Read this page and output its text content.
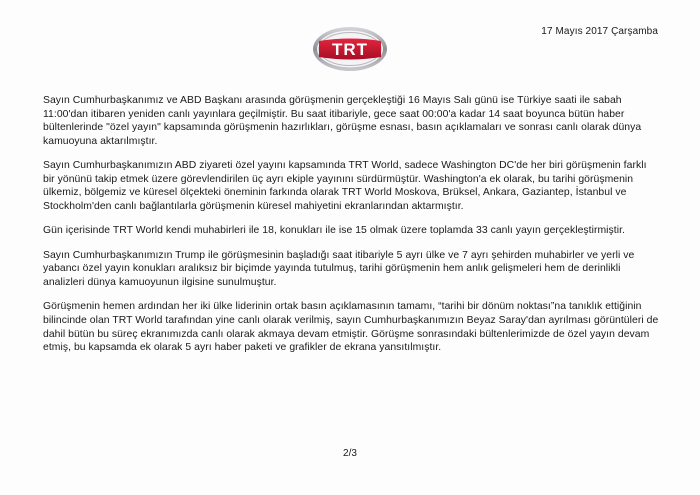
17 Mayıs 2017 Çarşamba
TRT

Sayın Cumhurbaşkanımız ve ABD Başkanı arasında görüşmenin gerçekleştiği 16 Mayıs Salı günü ise Türkiye saati ile sabah 11:00'dan itibaren yeniden canlı yayınlara geçilmiştir. Bu saat itibariyle, gece saat 00:00'a kadar 14 saat boyunca bütün haber bültenlerinde "özel yayın" kapsamında görüşmenin hazırlıkları, görüşme esnası, basın açıklamaları ve sonrası canlı olarak dünya kamuoyuna aktarılmıştır.

Sayın Cumhurbaşkanımızın ABD ziyareti özel yayını kapsamında TRT World, sadece Washington DC'de her biri görüşmenin farklı bir yönünü takip etmek üzere görevlendirilen üç ayrı ekiple yayınını sürdürmüştür. Washington'a ek olarak, bu tarihi görüşmenin ülkemiz, bölgemiz ve küresel ölçekteki öneminin farkında olarak TRT World Moskova, Brüksel, Ankara, Gaziantep, İstanbul ve Stockholm'den canlı bağlantılarla görüşmenin küresel mahiyetini ekranlarından aktarmıştır.

Gün içerisinde TRT World kendi muhabirleri ile 18, konukları ile ise 15 olmak üzere toplamda 33 canlı yayın gerçekleştirmiştir.

Sayın Cumhurbaşkanımızın Trump ile görüşmesinin başladığı saat itibariyle 5 ayrı ülke ve 7 ayrı şehirden muhabirler ve yerli ve yabancı özel yayın konukları aralıksız bir biçimde yayında tutulmuş, tarihi görüşmenin hem anlık gelişmeleri hem de derinlikli analizleri dünya kamuoyunun ilgisine sunulmuştur.

Görüşmenin hemen ardından her iki ülke liderinin ortak basın açıklamasının tamamı, “tarihi bir dönüm noktası”na tanıklık ettiğinin bilincinde olan TRT World tarafından yine canlı olarak verilmiş, sayın Cumhurbaşkanımızın Beyaz Saray'dan ayrılması görüntüleri de dahil bütün bu süreç ekranımızda canlı olarak akmaya devam etmiştir. Görüşme sonrasındaki bültenlerimizde de özel yayın devam etmiş, bu kapsamda ek olarak 5 ayrı haber paketi ve grafikler de ekrana yansıtılmıştır.

2/3
